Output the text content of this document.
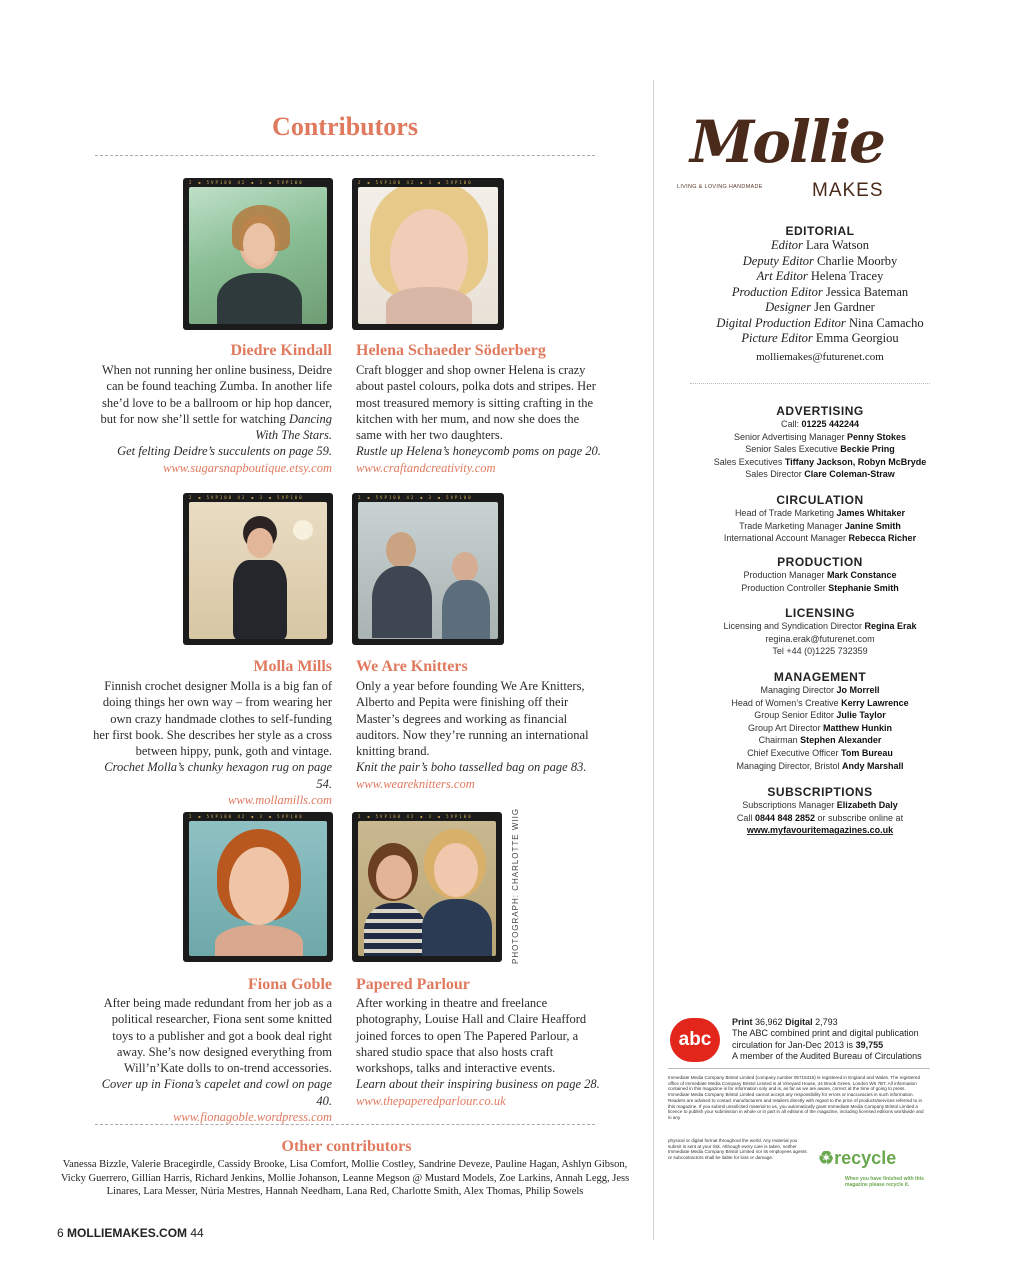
Contributors
2 ◀ 5VP100 42 ◀ 3 ◀ 5VP100	2 ◀ 5VP100 42 ◀ 3 ◀ 5VP100
Diedre Kindall
When not running her online business, Deidre can be found teaching Zumba. In another life she’d love to be a ballroom or hip hop dancer, but for now she’ll settle for watching Dancing With The Stars.
Get felting Deidre’s succulents on page 59.
www.sugarsnapboutique.etsy.com
Helena Schaeder Söderberg
Craft blogger and shop owner Helena is crazy about pastel colours, polka dots and stripes. Her most treasured memory is sitting crafting in the kitchen with her mum, and now she does the same with her two daughters.
Rustle up Helena’s honeycomb poms on page 20.
www.craftandcreativity.com
2 ◀ 5VP100 42 ◀ 3 ◀ 5VP100	2 ◀ 5VP100 42 ◀ 3 ◀ 5VP100
Molla Mills
Finnish crochet designer Molla is a big fan of doing things her own way – from wearing her own crazy handmade clothes to self-funding her first book. She describes her style as a cross between hippy, punk, goth and vintage.
Crochet Molla’s chunky hexagon rug on page 54.
www.mollamills.com
We Are Knitters
Only a year before founding We Are Knitters, Alberto and Pepita were finishing off their Master’s degrees and working as financial auditors. Now they’re running an international knitting brand.
Knit the pair’s boho tasselled bag on page 83.
www.weareknitters.com
2 ◀ 5VP100 42 ◀ 3 ◀ 5VP100	2 ◀ 5VP100 42 ◀ 3 ◀ 5VP100	PHOTOGRAPH: CHARLOTTE WIIG
Fiona Goble
After being made redundant from her job as a political researcher, Fiona sent some knitted toys to a publisher and got a book deal right away. She’s now designed everything from Will’n’Kate dolls to on-trend accessories.
Cover up in Fiona’s capelet and cowl on page 40.
www.fionagoble.wordpress.com
Papered Parlour
After working in theatre and freelance photography, Louise Hall and Claire Heafford joined forces to open The Papered Parlour, a shared studio space that also hosts craft workshops, talks and interactive events.
Learn about their inspiring business on page 28.
www.thepaperedparlour.co.uk
Other contributors
Vanessa Bizzle, Valerie Bracegirdle, Cassidy Brooke, Lisa Comfort, Mollie Costley, Sandrine Deveze, Pauline Hagan, Ashlyn Gibson, Vicky Guerrero, Gillian Harris, Richard Jenkins, Mollie Johanson, Leanne Megson @ Mustard Models, Zoe Larkins, Annah Legg, Jess Linares, Lara Messer, Núria Mestres, Hannah Needham, Lana Red, Charlotte Smith, Alex Thomas, Philip Sowels
6 MOLLIEMAKES.COM 44
Mollie
LIVING & LOVING HANDMADE	MAKES
EDITORIAL
Editor Lara Watson
Deputy Editor Charlie Moorby
Art Editor Helena Tracey
Production Editor Jessica Bateman
Designer Jen Gardner
Digital Production Editor Nina Camacho
Picture Editor Emma Georgiou
molliemakes@futurenet.com
ADVERTISING
Call: 01225 442244
Senior Advertising Manager Penny Stokes
Senior Sales Executive Beckie Pring
Sales Executives Tiffany Jackson, Robyn McBryde
Sales Director Clare Coleman-Straw
CIRCULATION
Head of Trade Marketing James Whitaker
Trade Marketing Manager Janine Smith
International Account Manager Rebecca Richer
PRODUCTION
Production Manager Mark Constance
Production Controller Stephanie Smith
LICENSING
Licensing and Syndication Director Regina Erak
regina.erak@futurenet.com
Tel +44 (0)1225 732359
MANAGEMENT
Managing Director Jo Morrell
Head of Women’s Creative Kerry Lawrence
Group Senior Editor Julie Taylor
Group Art Director Matthew Hunkin
Chairman Stephen Alexander
Chief Executive Officer Tom Bureau
Managing Director, Bristol Andy Marshall
SUBSCRIPTIONS
Subscriptions Manager Elizabeth Daly
Call 0844 848 2852 or subscribe online at
www.myfavouritemagazines.co.uk
abc
Print 36,962 Digital 2,793
The ABC combined print and digital publication circulation for Jan-Dec 2013 is 39,755
A member of the Audited Bureau of Circulations
Immediate Media Company Bristol Limited (company number 05715415) is registered in England and Wales. The registered office of Immediate Media Company Bristol Limited is at Vineyard House, 44 Brook Green, London W6 7BT. All information contained in this magazine is for information only and is, as far as we are aware, correct at the time of going to press. Immediate Media Company Bristol Limited cannot accept any responsibility for errors or inaccuracies in such information. Readers are advised to contact manufacturers and retailers directly with regard to the price of products/services referred to in this magazine. If you submit unsolicited material to us, you automatically grant Immediate Media Company Bristol Limited a licence to publish your submission in whole or in part in all editions of the magazine, including licensed editions worldwide and in any
physical or digital format throughout the world. Any material you submit is sent at your risk. Although every care is taken, neither Immediate Media Company Bristol Limited nor its employees agents or subcontractors shall be liable for loss or damage.	♻recycle
When you have finished with this magazine please recycle it.
